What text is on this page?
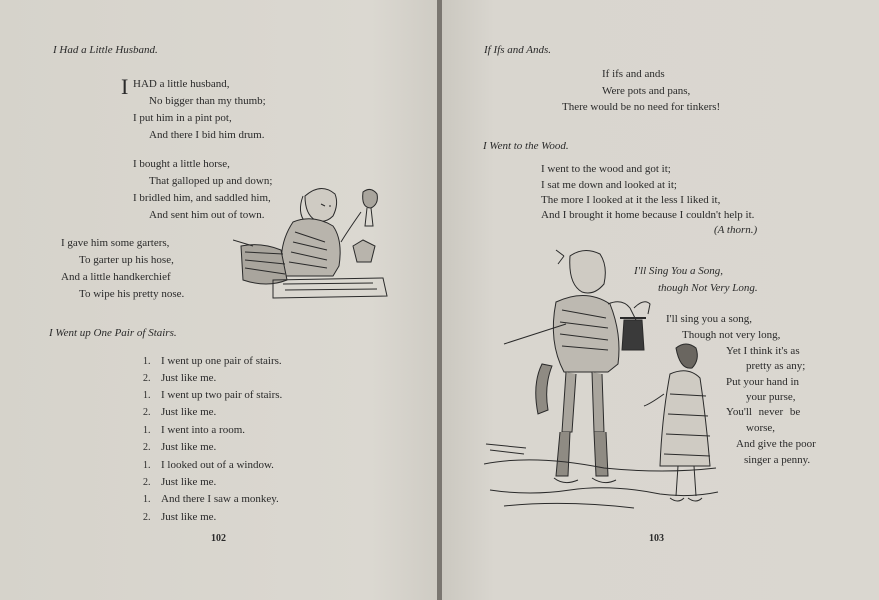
I Had a Little Husband.
I HAD a little husband,
No bigger than my thumb;
I put him in a pint pot,
And there I bid him drum.
I bought a little horse,
That galloped up and down;
I bridled him, and saddled him,
And sent him out of town.
I gave him some garters,
To garter up his hose,
And a little handkerchief
To wipe his pretty nose.
I Went up One Pair of Stairs.
1. I went up one pair of stairs.
2. Just like me.
1. I went up two pair of stairs.
2. Just like me.
1. I went into a room.
2. Just like me.
1. I looked out of a window.
2. Just like me.
1. And there I saw a monkey.
2. Just like me.
102
If Ifs and Ands.
If ifs and ands
Were pots and pans,
There would be no need for tinkers!
I Went to the Wood.
I went to the wood and got it;
I sat me down and looked at it;
The more I looked at it the less I liked it,
And I brought it home because I couldn't help it.
(A thorn.)
I'll Sing You a Song,
though Not Very Long.
I'll sing you a song,
Though not very long,
Yet I think it's as
pretty as any;
Put your hand in
your purse,
You'll never be
worse,
And give the poor
singer a penny.
103
